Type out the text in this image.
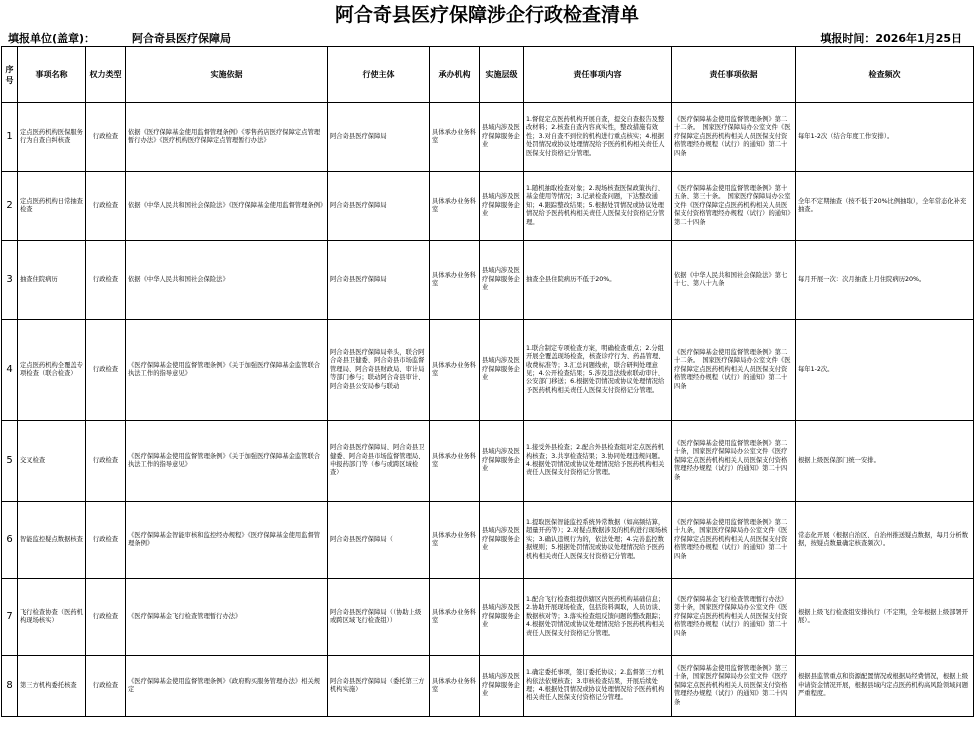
阿合奇县医疗保障涉企行政检查清单
填报单位(盖章)：	阿合奇县医疗保障局	填报时间：2026年1月25日
序号	事项名称	权力类型	实施依据	行使主体	承办机构	实施层级	责任事项内容	责任事项依据	检查频次
1	定点医药机构医保服务行为自查自纠核查	行政检查	依据《医疗保障基金使用监督管理条例》《零售药店医疗保障定点管理暂行办法》《医疗机构医疗保障定点管理暂行办法》	阿合奇县医疗保障局	具体承办业务科室	县域内涉及医疗保障服务企业	1.督促定点医药机构开展自查，提交自查报告及整改材料；2.核查自查内容真实性，整改措施有效性；3.对自查不到位的机构进行重点核实；4.根据处罚情况或协议处理情况给予医药机构相关责任人医保支付资格记分管理。	《医疗保障基金使用监督管理条例》第二十二条。　国家医疗保障局办公室文件《医疗保障定点医药机构相关人员医保支付资格管理经办规程（试行）的通知》第二十四条	每年1-2次（结合年度工作安排）。
2	定点医药机构日常抽查检查	行政检查	依据《中华人民共和国社会保险法》《医疗保障基金使用监督管理条例》	阿合奇县医疗保障局	具体承办业务科室	县域内涉及医疗保障服务企业	1.随机抽取检查对象；2.现场核查医保政策执行、基金使用等情况；3.记录检查问题，下达整改通知；4.跟踪整改结果；5.根据处罚情况或协议处理情况给予医药机构相关责任人医保支付资格记分管理。	《医疗保障基金使用监督管理条例》第十五条、第三十条。　国家医疗保障局办公室文件《医疗保障定点医药机构相关人员医保支付资格管理经办规程（试行）的通知》第二十四条	全年不定期抽查（按不低于20%比例抽取），全年常态化补充抽查。
3	抽查住院病历	行政检查	依据《中华人民共和国社会保险法》	阿合奇县医疗保障局	具体承办业务科室	县域内涉及医疗保障服务企业	抽查全县住院病历不低于20%。	依据《中华人民共和国社会保险法》第七十七、第八十九条	每月开展一次：次月抽查上月住院病历20%。
4	定点医药机构全覆盖专项检查（联合检查）	行政检查	《医疗保障基金使用监督管理条例》《关于加强医疗保障基金监管联合执法工作的指导意见》	阿合奇县医疗保障局牵头，联合阿合奇县卫健委、阿合奇县市场监督管理局、阿合奇县财政局、审计局等部门参与；联动阿合奇县审计、阿合奇县公安局参与联动	具体承办业务科室	县域内涉及医疗保障服务企业	1.联合制定专项检查方案，明确检查重点；2.分组开展全覆盖现场检查，核查诊疗行为、药品管理、收费标准等；3.汇总问题线索，联合研判处理意见；4.公开检查结果；5.涉及违法线索联动审计、公安部门移送；6.根据处罚情况或协议处理情况给予医药机构相关责任人医保支付资格记分管理。	《医疗保障基金使用监督管理条例》第二十二条。　国家医疗保障局办公室文件《医疗保障定点医药机构相关人员医保支付资格管理经办规程（试行）的通知》第二十四条	每年1-2次。
5	交叉检查	行政检查	《医疗保障基金使用监督管理条例》《关于加强医疗保障基金监管联合执法工作的指导意见》	阿合奇县医疗保障局、阿合奇县卫健委、阿合奇县市场监督管理局、申报药部门等（参与或跨区域检查）	具体承办业务科室	县域内涉及医疗保障服务企业	1.接受外县检查；2.配合外县检查组对定点医药机构核查；3.共享检查结果；3.协同处理违规问题。4.根据处罚情况或协议处理情况给予医药机构相关责任人医保支付资格记分管理。	《医疗保障基金使用监督管理条例》第二十条，国家医疗保障局办公室文件《医疗保障定点医药机构相关人员医保支付资格管理经办规程（试行）的通知》第二十四条	根据上级医保部门统一安排。
6	智能监控疑点数据核查	行政检查	《医疗保障基金智能审核和监控经办规程》《医疗保障基金使用监督管理条例》	阿合奇县医疗保障局（	具体承办业务科室	县域内涉及医疗保障服务企业	1.提取医保智能监控系统异常数据（如高频结算，超量开药等）；2.对疑点数据涉及的机构进行现场核实；3.确认违规行为的，依法处理；4.完善监控数据规则；5.根据处罚情况或协议处理情况给予医药机构相关责任人医保支付资格记分管理。	《医疗保障基金使用监督管理条例》第二十九条，国家医疗保障局办公室文件《医疗保障定点医药机构相关人员医保支付资格管理经办规程（试行）的通知》第二十四条	常态化开展（根据自治区、自治州推送疑点数据，每月分析数据，按疑点数量确定核查频次）。
7	飞行检查协查（医药机构现场核实）	行政检查	《医疗保障基金飞行检查管理暂行办法》	阿合奇县医疗保障局（（协助上级或跨区域飞行检查组））	具体承办业务科室	县域内涉及医疗保障服务企业	1.配合飞行检查组提供辖区内医药机构基础信息；2.协助开展现场检查，包括资料调取，人员访谈、数据核对等；3.落实检查组反馈问题的整改跟踪；4.根据处罚情况或协议处理情况给予医药机构相关责任人医保支付资格记分管理。	《医疗保障基金飞行检查管理暂行办法》第十条，国家医疗保障局办公室文件《医疗保障定点医药机构相关人员医保支付资格管理经办规程（试行）的通知》第二十四条	根据上级飞行检查组安排执行（不定期，全年根据上级部署开展）。
8	第三方机构委托核查	行政检查	《医疗保障基金使用监督管理条例》《政府购买服务管理办法》相关规定	阿合奇县医疗保障局（委托第三方机构实施）	具体承办业务科室	县域内涉及医疗保障服务企业	1.确定委托事项，签订委托协议；2.监督第三方机构依法依规核查；3.审核检查结果，开展后续处理；4.根据处罚情况或协议处理情况给予医药机构相关责任人医保支付资格记分管理。	《医疗保障基金使用监督管理条例》第三十条，国家医疗保障局办公室文件《医疗保障定点医药机构相关人员医保支付资格管理经办规程（试行）的通知》第二十四条	根据县监管重点和资源配置情况或根据局经费情况，根据上级申请资金情况开展，根据县域内定点医药机构高风险领域问题严重程度。
